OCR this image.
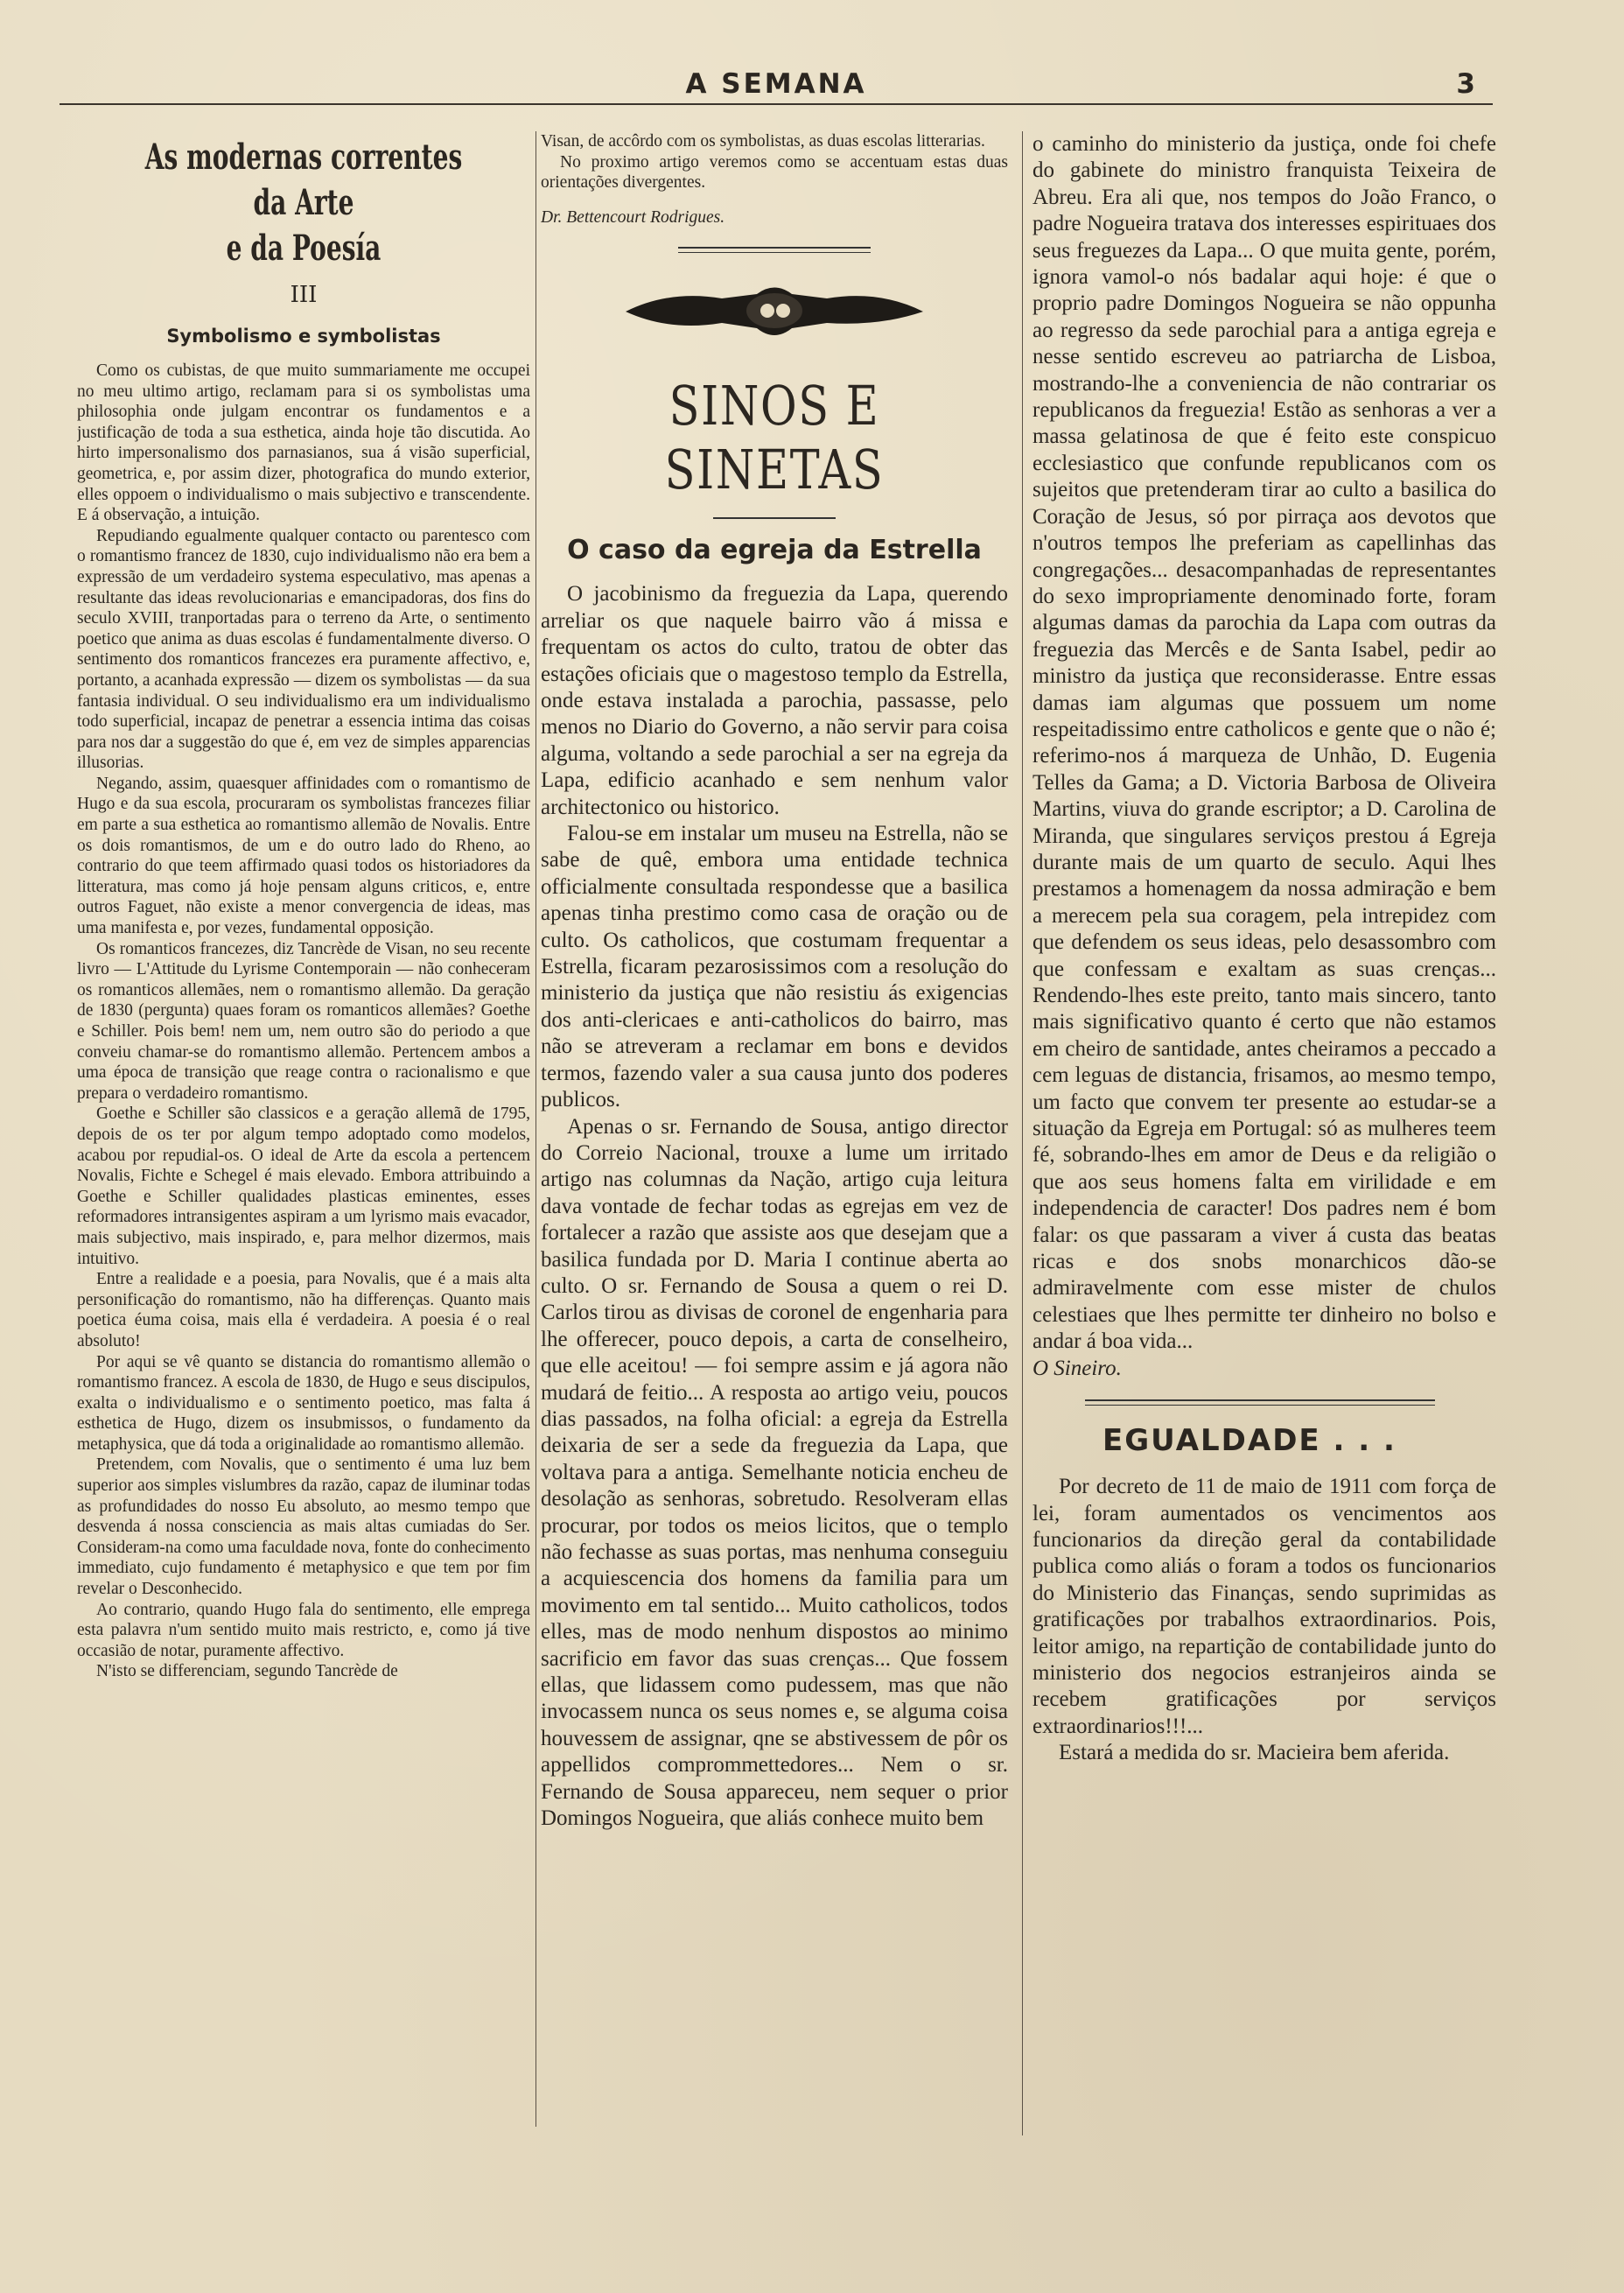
A SEMANA	3
As modernas correntes da Arte
e da Poesía
III
Symbolismo e symbolistas

Como os cubistas, de que muito summariamente me occupei no meu ultimo artigo, reclamam para si os symbolistas uma philosophia onde julgam encontrar os fundamentos e a justificação de toda a sua esthetica, ainda hoje tão discutida. Ao hirto impersonalismo dos parnasianos, sua á visão superficial, geometrica, e, por assim dizer, photografica do mundo exterior, elles oppoem o individualismo o mais subjectivo e transcendente. E á observação, a intuição.

Repudiando egualmente qualquer contacto ou parentesco com o romantismo francez de 1830, cujo individualismo não era bem a expressão de um verdadeiro systema especulativo, mas apenas a resultante das ideas revolucionarias e emancipadoras, dos fins do seculo XVIII, tranportadas para o terreno da Arte, o sentimento poetico que anima as duas escolas é fundamentalmente diverso. O sentimento dos romanticos francezes era puramente affectivo, e, portanto, a acanhada expressão — dizem os symbolistas — da sua fantasia individual. O seu individualismo era um individualismo todo superficial, incapaz de penetrar a essencia intima das coisas para nos dar a suggestão do que é, em vez de simples apparencias illusorias.

Negando, assim, quaesquer affinidades com o romantismo de Hugo e da sua escola, procuraram os symbolistas francezes filiar em parte a sua esthetica ao romantismo allemão de Novalis. Entre os dois romantismos, de um e do outro lado do Rheno, ao contrario do que teem affirmado quasi todos os historiadores da litteratura, mas como já hoje pensam alguns criticos, e, entre outros Faguet, não existe a menor convergencia de ideas, mas uma manifesta e, por vezes, fundamental opposição.

Os romanticos francezes, diz Tancrède de Visan, no seu recente livro — L'Attitude du Lyrisme Contemporain — não conheceram os romanticos allemães, nem o romantismo allemão. Da geração de 1830 (pergunta) quaes foram os romanticos allemães? Goethe e Schiller. Pois bem! nem um, nem outro são do periodo a que conveiu chamar-se do romantismo allemão. Pertencem ambos a uma época de transição que reage contra o racionalismo e que prepara o verdadeiro romantismo.

Goethe e Schiller são classicos e a geração allemã de 1795, depois de os ter por algum tempo adoptado como modelos, acabou por repudial-os. O ideal de Arte da escola a pertencem Novalis, Fichte e Schegel é mais elevado. Embora attribuindo a Goethe e Schiller qualidades plasticas eminentes, esses reformadores intransigentes aspiram a um lyrismo mais evacador, mais subjectivo, mais inspirado, e, para melhor dizermos, mais intuitivo.

Entre a realidade e a poesia, para Novalis, que é a mais alta personificação do romantismo, não ha differenças. Quanto mais poetica éuma coisa, mais ella é verdadeira. A poesia é o real absoluto!

Por aqui se vê quanto se distancia do romantismo allemão o romantismo francez. A escola de 1830, de Hugo e seus discipulos, exalta o individualismo e o sentimento poetico, mas falta á esthetica de Hugo, dizem os insubmissos, o fundamento da metaphysica, que dá toda a originalidade ao romantismo allemão.

Pretendem, com Novalis, que o sentimento é uma luz bem superior aos simples vislumbres da razão, capaz de iluminar todas as profundidades do nosso Eu absoluto, ao mesmo tempo que desvenda á nossa consciencia as mais altas cumiadas do Ser. Consideram-na como uma faculdade nova, fonte do conhecimento immediato, cujo fundamento é metaphysico e que tem por fim revelar o Desconhecido.

Ao contrario, quando Hugo fala do sentimento, elle emprega esta palavra n'um sentido muito mais restricto, e, como já tive occasião de notar, puramente affectivo.

N'isto se differenciam, segundo Tancrède de

Visan, de accôrdo com os symbolistas, as duas escolas litterarias.

No proximo artigo veremos como se accentuam estas duas orientações divergentes.

Dr. Bettencourt Rodrigues.

SINOS E SINETAS
O caso da egreja da Estrella

O jacobinismo da freguezia da Lapa, querendo arreliar os que naquele bairro vão á missa e frequentam os actos do culto, tratou de obter das estações oficiais que o magestoso templo da Estrella, onde estava instalada a parochia, passasse, pelo menos no Diario do Governo, a não servir para coisa alguma, voltando a sede parochial a ser na egreja da Lapa, edificio acanhado e sem nenhum valor architectonico ou historico.

Falou-se em instalar um museu na Estrella, não se sabe de quê, embora uma entidade technica officialmente consultada respondesse que a basilica apenas tinha prestimo como casa de oração ou de culto. Os catholicos, que costumam frequentar a Estrella, ficaram pezarosissimos com a resolução do ministerio da justiça que não resistiu ás exigencias dos anti-clericaes e anti-catholicos do bairro, mas não se atreveram a reclamar em bons e devidos termos, fazendo valer a sua causa junto dos poderes publicos.

Apenas o sr. Fernando de Sousa, antigo director do Correio Nacional, trouxe a lume um irritado artigo nas columnas da Nação, artigo cuja leitura dava vontade de fechar todas as egrejas em vez de fortalecer a razão que assiste aos que desejam que a basilica fundada por D. Maria I continue aberta ao culto. O sr. Fernando de Sousa a quem o rei D. Carlos tirou as divisas de coronel de engenharia para lhe offerecer, pouco depois, a carta de conselheiro, que elle aceitou! — foi sempre assim e já agora não mudará de feitio... A resposta ao artigo veiu, poucos dias passados, na folha oficial: a egreja da Estrella deixaria de ser a sede da freguezia da Lapa, que voltava para a antiga. Semelhante noticia encheu de desolação as senhoras, sobretudo. Resolveram ellas procurar, por todos os meios licitos, que o templo não fechasse as suas portas, mas nenhuma conseguiu a acquiescencia dos homens da familia para um movimento em tal sentido... Muito catholicos, todos elles, mas de modo nenhum dispostos ao minimo sacrificio em favor das suas crenças... Que fossem ellas, que lidassem como pudessem, mas que não invocassem nunca os seus nomes e, se alguma coisa houvessem de assignar, qne se abstivessem de pôr os appellidos comprommettedores... Nem o sr. Fernando de Sousa appareceu, nem sequer o prior Domingos Nogueira, que aliás conhece muito bem

o caminho do ministerio da justiça, onde foi chefe do gabinete do ministro franquista Teixeira de Abreu. Era ali que, nos tempos do João Franco, o padre Nogueira tratava dos interesses espirituaes dos seus freguezes da Lapa... O que muita gente, porém, ignora vamol-o nós badalar aqui hoje: é que o proprio padre Domingos Nogueira se não oppunha ao regresso da sede parochial para a antiga egreja e nesse sentido escreveu ao patriarcha de Lisboa, mostrando-lhe a conveniencia de não contrariar os republicanos da freguezia! Estão as senhoras a ver a massa gelatinosa de que é feito este conspicuo ecclesiastico que confunde republicanos com os sujeitos que pretenderam tirar ao culto a basilica do Coração de Jesus, só por pirraça aos devotos que n'outros tempos lhe preferiam as capellinhas das congregações... desacompanhadas de representantes do sexo impropriamente denominado forte, foram algumas damas da parochia da Lapa com outras da freguezia das Mercês e de Santa Isabel, pedir ao ministro da justiça que reconsiderasse. Entre essas damas iam algumas que possuem um nome respeitadissimo entre catholicos e gente que o não é; referimo-nos á marqueza de Unhão, D. Eugenia Telles da Gama; a D. Victoria Barbosa de Oliveira Martins, viuva do grande escriptor; a D. Carolina de Miranda, que singulares serviços prestou á Egreja durante mais de um quarto de seculo. Aqui lhes prestamos a homenagem da nossa admiração e bem a merecem pela sua coragem, pela intrepidez com que defendem os seus ideas, pelo desassombro com que confessam e exaltam as suas crenças... Rendendo-lhes este preito, tanto mais sincero, tanto mais significativo quanto é certo que não estamos em cheiro de santidade, antes cheiramos a peccado a cem leguas de distancia, frisamos, ao mesmo tempo, um facto que convem ter presente ao estudar-se a situação da Egreja em Portugal: só as mulheres teem fé, sobrando-lhes em amor de Deus e da religião o que aos seus homens falta em virilidade e em independencia de caracter! Dos padres nem é bom falar: os que passaram a viver á custa das beatas ricas e dos snobs monarchicos dão-se admiravelmente com esse mister de chulos celestiaes que lhes permitte ter dinheiro no bolso e andar á boa vida...

O Sineiro.

EGUALDADE . . .

Por decreto de 11 de maio de 1911 com força de lei, foram aumentados os vencimentos aos funcionarios da direção geral da contabilidade publica como aliás o foram a todos os funcionarios do Ministerio das Finanças, sendo suprimidas as gratificações por trabalhos extraordinarios. Pois, leitor amigo, na repartição de contabilidade junto do ministerio dos negocios estranjeiros ainda se recebem gratificações por serviços extraordinarios!!!...

Estará a medida do sr. Macieira bem aferida.
